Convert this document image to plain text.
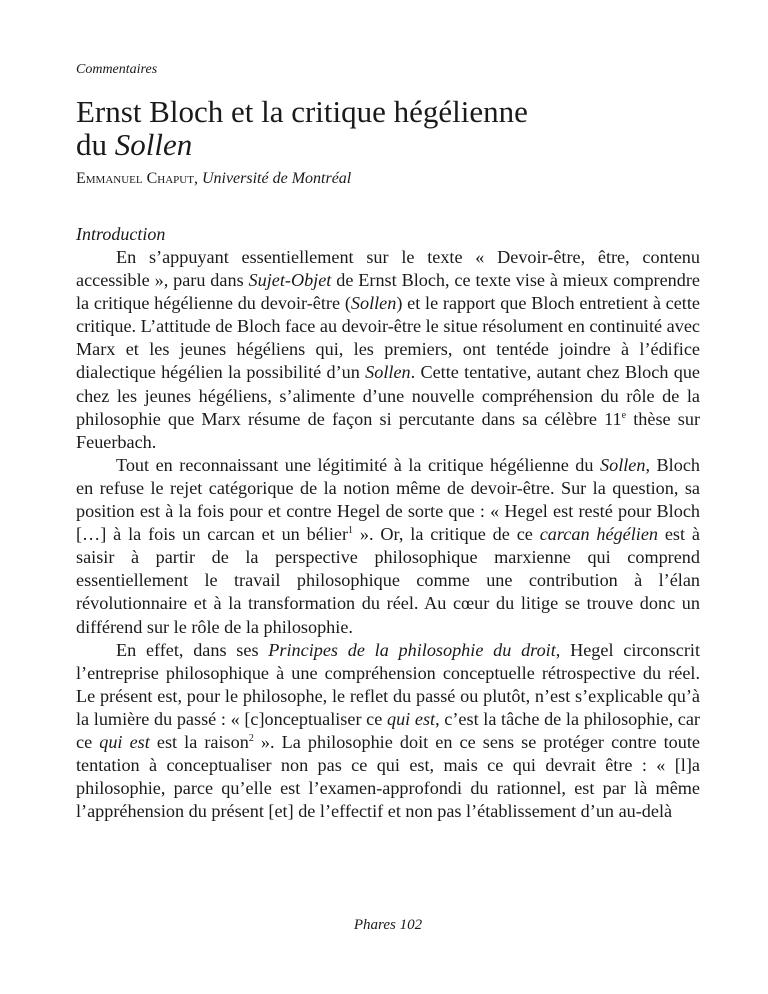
Commentaires
Ernst Bloch et la critique hégélienne
du Sollen
Emmanuel Chaput, Université de Montréal
Introduction

En s’appuyant essentiellement sur le texte « Devoir-être, être, contenu accessible », paru dans Sujet-Objet de Ernst Bloch, ce texte vise à mieux comprendre la critique hégélienne du devoir-être (Sollen) et le rapport que Bloch entretient à cette critique. L’attitude de Bloch face au devoir-être le situe résolument en continuité avec Marx et les jeunes hégéliens qui, les premiers, ont tentéde joindre à l’édifice dialectique hégélien la possibilité d’un Sollen. Cette tentative, autant chez Bloch que chez les jeunes hégéliens, s’alimente d’une nouvelle compréhension du rôle de la philosophie que Marx résume de façon si percutante dans sa célèbre 11e thèse sur Feuerbach.

Tout en reconnaissant une légitimité à la critique hégélienne du Sollen, Bloch en refuse le rejet catégorique de la notion même de devoir-être. Sur la question, sa position est à la fois pour et contre Hegel de sorte que : « Hegel est resté pour Bloch […] à la fois un carcan et un bélier$^1$ ». Or, la critique de ce carcan hégélien est à saisir à partir de la perspective philosophique marxienne qui comprend essentiellement le travail philosophique comme une contribution à l’élan révolutionnaire et à la transformation du réel. Au cœur du litige se trouve donc un différend sur le rôle de la philosophie.

En effet, dans ses Principes de la philosophie du droit, Hegel circonscrit l’entreprise philosophique à une compréhension conceptuelle rétrospective du réel. Le présent est, pour le philosophe, le reflet du passé ou plutôt, n’est s’explicable qu’à la lumière du passé : « [c]onceptualiser ce qui est, c’est la tâche de la philosophie, car ce qui est est la raison$^2$ ». La philosophie doit en ce sens se protéger contre toute tentation à conceptualiser non pas ce qui est, mais ce qui devrait être : « [l]a philosophie, parce qu’elle est l’examen-approfondi du rationnel, est par là même l’appréhension du présent [et] de l’effectif et non pas l’établissement d’un au-delà

Phares 102
